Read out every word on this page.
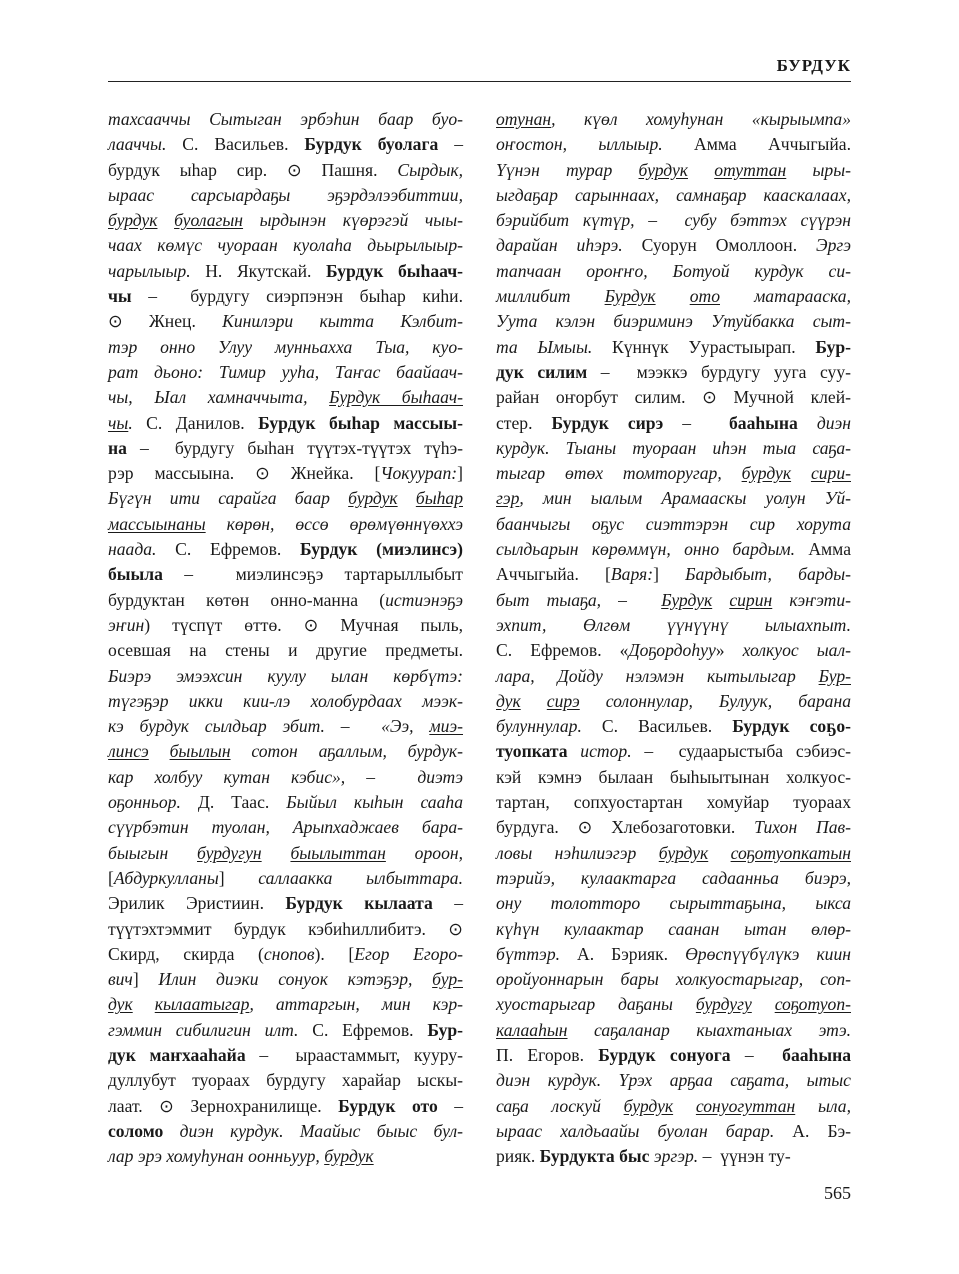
БУРДУК
тахсааччы Сытыган эрбэһин баар буо-
лааччы. С. Васильев. Бурдук буолага –
бурдук ыһар сир. ⊙ Пашня. Сырдык,
ыраас сарсыардаҕы эҕэрдэлээбиттии,
бурдук буолагын ырдынэн күөрэгэй чыы-
чаах көмүс чуораан куолаһа дьырылыыр-
чарылыыр. Н. Якутскай. Бурдук быһаач-
чы –  бурдугу сиэрпэнэн быһар киһи.
⊙ Жнец. Кинилэри кытта Кэлбит-
тэр онно Улуу мунньахха Тыа, куо-
рат дьоно: Тимир ууһа, Таҥас баайаач-
чы, Ыал хамначчыта, Бурдук быһаач-
чы. С. Данилов. Бурдук быһар массыы-
на –  бурдугу быһан түүтэх-түүтэх түһэ-
рэр массыына. ⊙ Жнейка. [Чокуурап:]
Бүгүн ити сарайга баар бурдук быһар
массыынаны көрөн, өссө өрөмүөннүөххэ
наада. С. Ефремов. Бурдук (миэлинсэ)
быыла –  миэлинсэҕэ тартарыллыбыт
бурдуктан көтөн онно-манна (истиэнэҕэ
эҥин) түспүт өттө. ⊙ Мучная пыль,
осевшая на стены и другие предметы.
Биэрэ эмээхсин куулу ылан көрбүтэ:
түгэҕэр икки кии-лэ холобурдаах мээк-
кэ бурдук сылдьар эбит. –  «Ээ, миэ-
линсэ быылын сотон аҕаллым, бурдук-
кар холбуу кутан кэбис», –  диэтэ
оҕонньор. Д. Таас. Быйыл кыһын сааһа
сүүрбэтин туолан, Арыпхаджаев бара-
быыгын бурдугун быылыттан ороон,
[Абдуркулланы] саллаакка ылбыттара.
Эрилик Эристиин. Бурдук кылаата –
түүтэхтэммит бурдук кэбиһиллибитэ. ⊙
Скирд, скирда (снопов). [Егор Егоро-
вич] Илин диэки сонуок кэтэҕэр, бур-
дук кылаатыгар, аттаргын, мин кэр-
гэммин сибилигин илт. С. Ефремов. Бур-
дук маҥхааһайа –  ыраастаммыт, кууру-
дуллубут туораах бурдугу харайар ыскы-
лаат. ⊙ Зернохранилище. Бурдук ото –
соломо диэн курдук. Маайыс быыс бул-
лар эрэ хомуһунан оонньуур, бурдук
отунан, күөл хомуһунан «кырыымпа»
оҥостон, ыллыыр. Амма Аччыгыйа.
Үүнэн турар бурдук отуттан ыры-
ыгдаҕар сарыннаах, самнаҕар кааскалаах,
бэрийбит күтүр, –  субу бэттэх сүүрэн
дарайан иһэрэ. Суорун Омоллоон. Эргэ
тапчаан ороҥҥо, Ботуой курдук си-
миллибит Бурдук ото матарааска,
Уута кэлэн биэриминэ Утуйбакка сыт-
та Ымыы. Күннүк Уурастыырап. Бур-
дук силим –  мээккэ бурдугу ууга суу-
райан оҥорбут силим. ⊙ Мучной клей-
стер. Бурдук сирэ –  бааһына диэн
курдук. Тыаны туораан иһэн тыа саҕа-
тыгар өтөх томторугар, бурдук сири-
гэр, мин ыалым Арамааскы уолун Уй-
баанчыгы оҕус сиэттэрэн сир хорута
сылдьарын көрөммүн, онно бардым. Амма
Аччыгыйа. [Варя:] Бардыбыт, барды-
быт тыаҕа, –  Бурдук сирин кэҥэти-
эхпит, Өлгөм үүнүүнү ылыахпыт.
С. Ефремов. «Доҕордоһуу» холкуос ыал-
лара, Дойду нэлэмэн кытылыгар Бур-
дук сирэ солоннулар, Булуук, барана
булуннулар. С. Васильев. Бурдук соҕо-
туопката истор. –  судаарыстыба сэбиэс-
кэй кэмнэ былаан быһыытынан холкуос-
тартан, сопхуостартан хомуйар туораах
бурдуга. ⊙ Хлебозаготовки. Тихон Пав-
ловы нэһилиэгэр бурдук соҕотуопкатын
тэрийэ, кулаактарга садаанньа биэрэ,
ону толотторо сырыттаҕына, ыкса
күһүн кулаактар саанан ытан өлөр-
бүттэр. А. Бэрияк. Өрөспүүбүлүкэ киин
оройуоннарын бары холкуостарыгар, соп-
хуостарыгар даҕаны бурдугу соҕотуоп-
калааһын саҕаланар кыахтаныах этэ.
П. Егоров. Бурдук сонуога –  бааһына
диэн курдук. Үрэх арҕаа саҕата, ытыс
саҕа лоскуй бурдук сонуогуттан ыла,
ыраас халдьаайы буолан барар. А. Бэ-
рияк. Бурдукта быс эргэр. –  үүнэн ту-
565
